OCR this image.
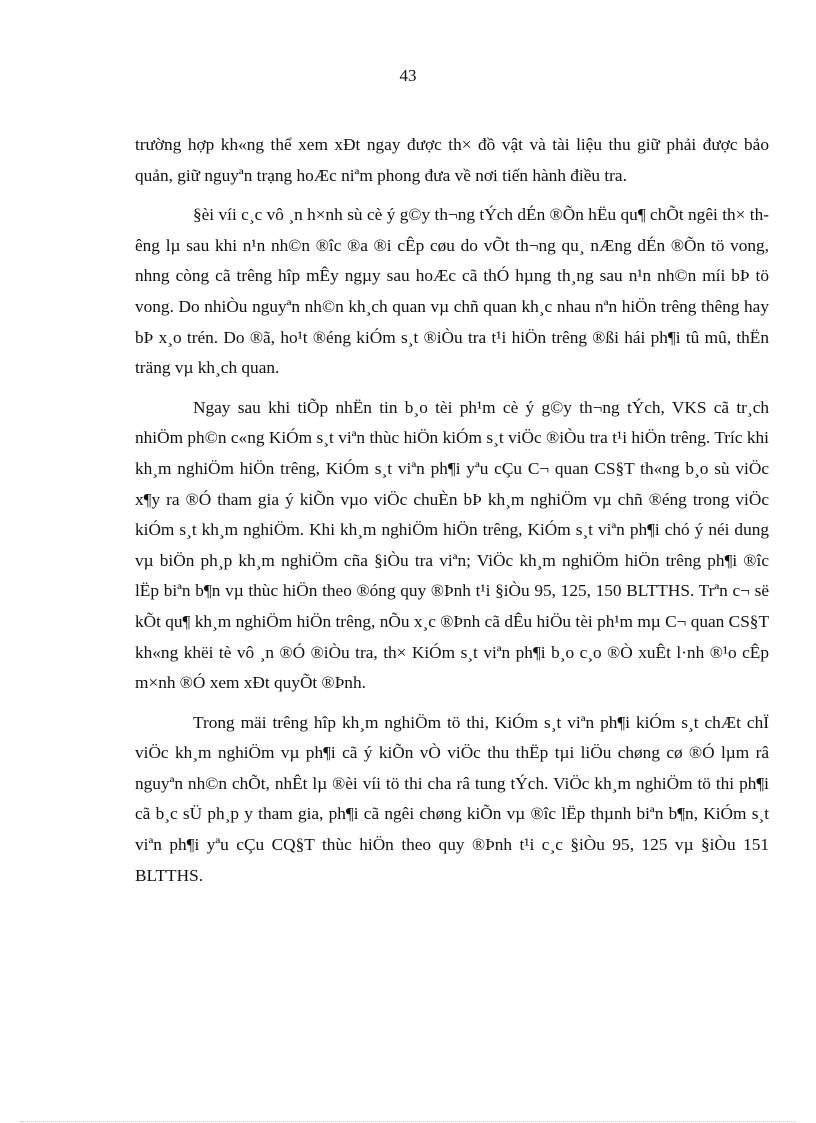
43

trường hợp kh«ng thể xem xÐt ngay được th× đồ vật và tài liệu thu giữ phải được bảo quản, giữ nguyªn trạng hoÆc niªm phong đưa về nơi tiến hành điều tra.

§èi víi c¸c vô ¸n h×nh sù cè ý g©y th¬ng tÝch dÉn ®Õn hËu qu¶ chÕt ngêi th× thêng lµ sau khi n¹n nh©n ®îc ®a ®i cÊp cøu do vÕt th¬ng qu¸ nÆng dÉn ®Õn tö vong, nhng còng cã trêng hîp mÊy ngµy sau hoÆc cã thÓ hµng th¸ng sau n¹n nh©n míi bÞ tö vong. Do nhiÒu nguyªn nh©n kh¸ch quan vµ chñ quan kh¸c nhau nªn hiÖn trêng thêng hay bÞ x¸o trén. Do ®ã, ho¹t ®éng kiÓm s¸t ®iÒu tra t¹i hiÖn trêng ®ßi hái ph¶i tû mû, thËn träng vµ kh¸ch quan.

Ngay sau khi tiÕp nhËn tin b¸o tèi ph¹m cè ý g©y th¬ng tÝch, VKS cã tr¸ch nhiÖm ph©n c«ng KiÓm s¸t viªn thùc hiÖn kiÓm s¸t viÖc ®iÒu tra t¹i hiÖn trêng. Tríc khi kh¸m nghiÖm hiÖn trêng, KiÓm s¸t viªn ph¶i yªu cÇu C¬ quan CS§T th«ng b¸o sù viÖc x¶y ra ®Ó tham gia ý kiÕn vµo viÖc chuÈn bÞ kh¸m nghiÖm vµ chñ ®éng trong viÖc kiÓm s¸t kh¸m nghiÖm. Khi kh¸m nghiÖm hiÖn trêng, KiÓm s¸t viªn ph¶i chó ý néi dung vµ biÖn ph¸p kh¸m nghiÖm cña §iÒu tra viªn; ViÖc kh¸m nghiÖm hiÖn trêng ph¶i ®îc lËp biªn b¶n vµ thùc hiÖn theo ®óng quy ®Þnh t¹i §iÒu 95, 125, 150 BLTTHS. Trªn c¬ së kÕt qu¶ kh¸m nghiÖm hiÖn trêng, nÕu x¸c ®Þnh cã dÊu hiÖu tèi ph¹m mµ C¬ quan CS§T kh«ng khëi tè vô ¸n ®Ó ®iÒu tra, th× KiÓm s¸t viªn ph¶i b¸o c¸o ®Ò xuÊt l·nh ®¹o cÊp m×nh ®Ó xem xÐt quyÕt ®Þnh.

Trong mäi trêng hîp kh¸m nghiÖm tö thi, KiÓm s¸t viªn ph¶i kiÓm s¸t chÆt chÏ viÖc kh¸m nghiÖm vµ ph¶i cã ý kiÕn vÒ viÖc thu thËp tµi liÖu chøng cø ®Ó lµm râ nguyªn nh©n chÕt, nhÊt lµ ®èi víi tö thi cha râ tung tÝch. ViÖc kh¸m nghiÖm tö thi ph¶i cã b¸c sÜ ph¸p y tham gia, ph¶i cã ngêi chøng kiÕn vµ ®îc lËp thµnh biªn b¶n, KiÓm s¸t viªn ph¶i yªu cÇu CQ§T thùc hiÖn theo quy ®Þnh t¹i c¸c §iÒu 95, 125 vµ §iÒu 151 BLTTHS.
